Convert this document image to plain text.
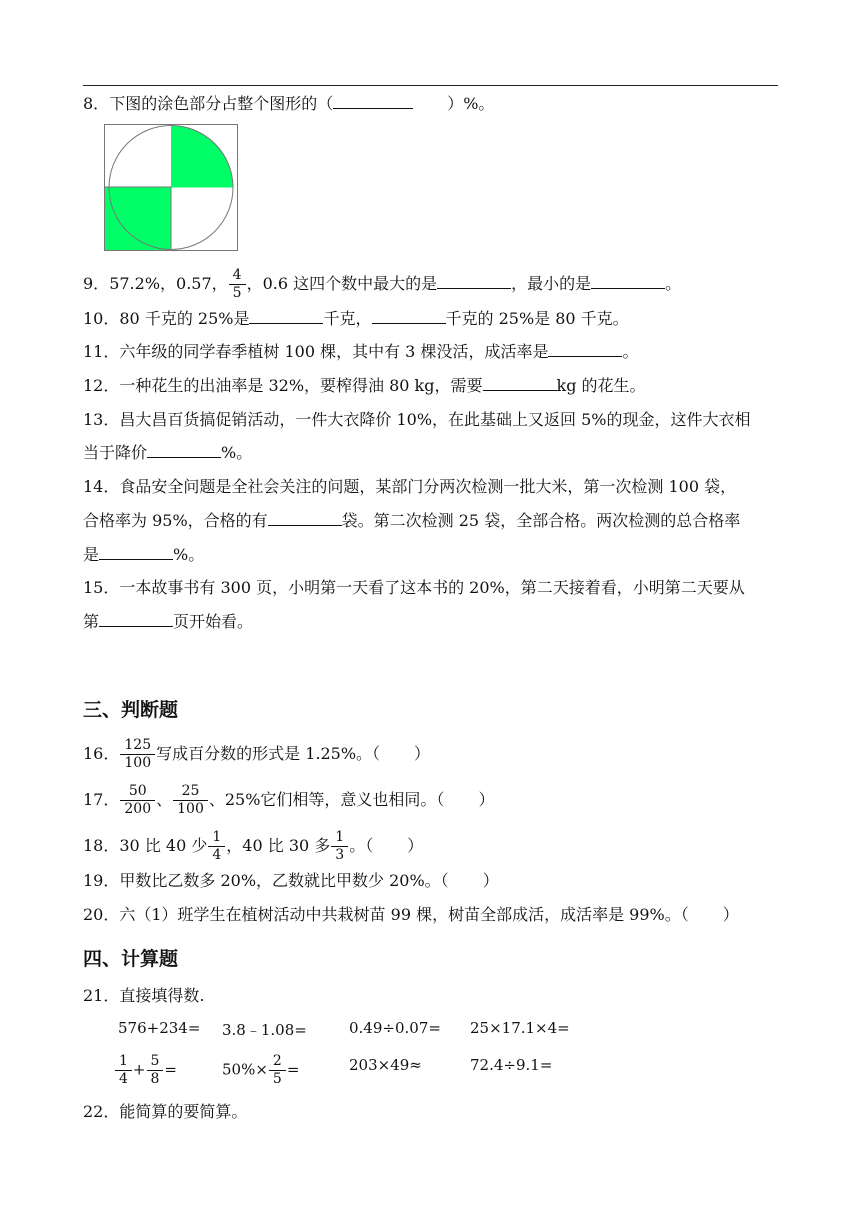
8．下图的涂色部分占整个图形的（	）%。
9．57.2%，0.57， $\frac{4}{5}$ ，0.6 这四个数中最大的是	，最小的是	。
10．80 千克的 25%是	千克，	千克的 25%是 80 千克。
11．六年级的同学春季植树 100 棵，其中有 3 棵没活，成活率是	。
12．一种花生的出油率是 32%，要榨得油 80 kg，需要	kg 的花生。
13．昌大昌百货搞促销活动，一件大衣降价 10%，在此基础上又返回 5%的现金，这件大衣相
当于降价	%。
14．食品安全问题是全社会关注的问题，某部门分两次检测一批大米，第一次检测 100 袋，
合格率为 95%，合格的有	袋。第二次检测 25 袋，全部合格。两次检测的总合格率
是	%。
15．一本故事书有 300 页，小明第一天看了这本书的 20%，第二天接着看，小明第二天要从
第	页开始看。
三、判断题
16． $\frac{125}{100}$ 写成百分数的形式是 1.25%。（ ）
17． $\frac{50}{200}$ 、 $\frac{25}{100}$ 、25%它们相等，意义也相同。（ ）
18．30 比 40 少 $\frac{1}{4}$ ，40 比 30 多 $\frac{1}{3}$ 。（ ）
19．甲数比乙数多 20%，乙数就比甲数少 20%。（ ）
20．六（1）班学生在植树活动中共栽树苗 99 棵，树苗全部成活，成活率是 99%。（ ）
四、计算题
21．直接填得数.
576+234= 3.8﹣1.08=	0.49÷0.07= 25×17.1×4=
$\frac{1}{4} + \frac{5}{8}$ =	$50\%\times \frac{2}{5}$ =	203×49≈	72.4÷9.1=
22．能简算的要简算。
